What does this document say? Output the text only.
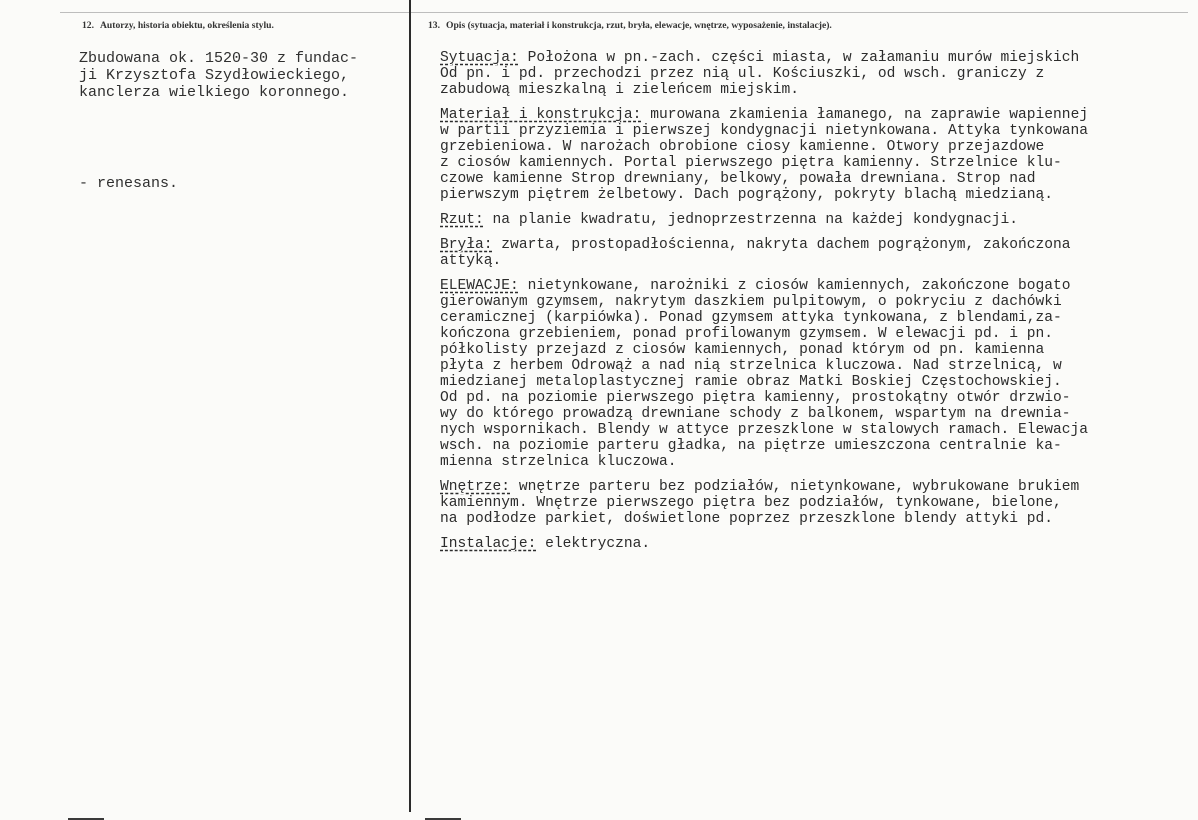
12. Autorzy, historia obiektu, określenia stylu.	13. Opis (sytuacja, materiał i konstrukcja, rzut, bryła, elewacje, wnętrze, wyposażenie, instalacje).
Zbudowana ok. 1520-30 z fundac-
ji Krzysztofa Szydłowieckiego,
kanclerza wielkiego koronnego.
- renesans.
Sytuacja: Położona w pn.-zach. części miasta, w załamaniu murów miejskich
Od pn. i pd. przechodzi przez nią ul. Kościuszki, od wsch. graniczy z
zabudową mieszkalną i zieleńcem miejskim.
Materiał i konstrukcja: murowana zkamienia łamanego, na zaprawie wapiennej
w partii przyziemia i pierwszej kondygnacji nietynkowana. Attyka tynkowana
grzebieniowa. W narożach obrobione ciosy kamienne. Otwory przejazdowe
z ciosów kamiennych. Portal pierwszego piętra kamienny. Strzelnice klu-
czowe kamienne Strop drewniany, belkowy, powała drewniana. Strop nad
pierwszym piętrem żelbetowy. Dach pogrążony, pokryty blachą miedzianą.
Rzut: na planie kwadratu, jednoprzestrzenna na każdej kondygnacji.
Bryła: zwarta, prostopadłościenna, nakryta dachem pogrążonym, zakończona
attyką.
ELEWACJE: nietynkowane, narożniki z ciosów kamiennych, zakończone bogato
gierowanym gzymsem, nakrytym daszkiem pulpitowym, o pokryciu z dachówki
ceramicznej (karpiówka). Ponad gzymsem attyka tynkowana, z blendami,za-
kończona grzebieniem, ponad profilowanym gzymsem. W elewacji pd. i pn.
półkolisty przejazd z ciosów kamiennych, ponad którym od pn. kamienna
płyta z herbem Odrowąż a nad nią strzelnica kluczowa. Nad strzelnicą, w
miedzianej metaloplastycznej ramie obraz Matki Boskiej Częstochowskiej.
Od pd. na poziomie pierwszego piętra kamienny, prostokątny otwór drzwio-
wy do którego prowadzą drewniane schody z balkonem, wspartym na drewnia-
nych wspornikach. Blendy w attyce przeszklone w stalowych ramach. Elewacja
wsch. na poziomie parteru gładka, na piętrze umieszczona centralnie ka-
mienna strzelnica kluczowa.
Wnętrze: wnętrze parteru bez podziałów, nietynkowane, wybrukowane brukiem
kamiennym. Wnętrze pierwszego piętra bez podziałów, tynkowane, bielone,
na podłodze parkiet, doświetlone poprzez przeszklone blendy attyki pd.
Instalacje: elektryczna.
